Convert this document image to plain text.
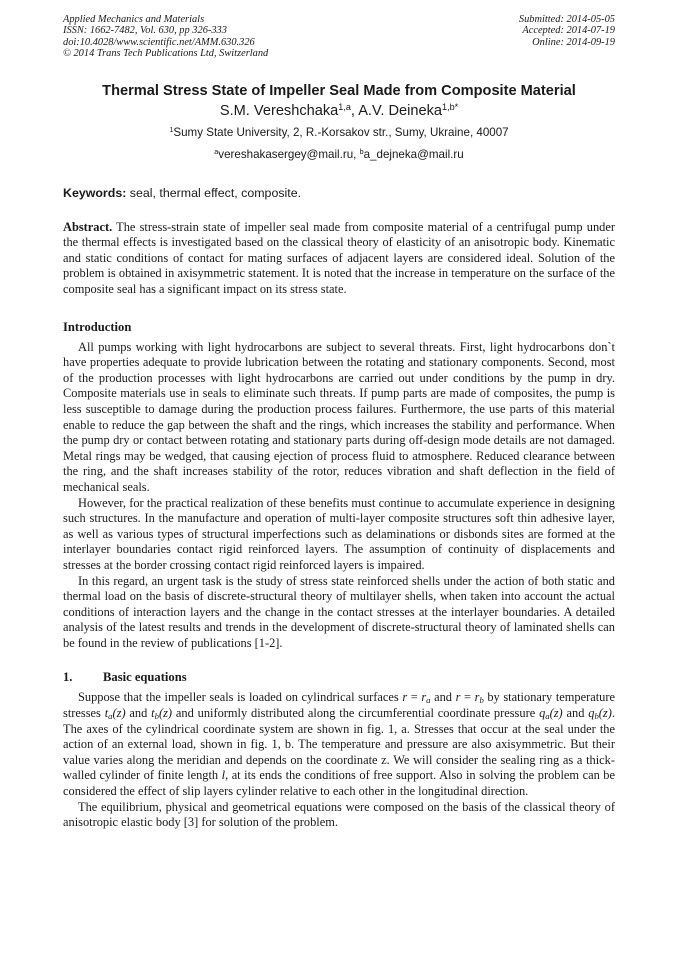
Applied Mechanics and Materials
ISSN: 1662-7482, Vol. 630, pp 326-333
doi:10.4028/www.scientific.net/AMM.630.326
© 2014 Trans Tech Publications Ltd, Switzerland
Submitted: 2014-05-05
Accepted: 2014-07-19
Online: 2014-09-19
Thermal Stress State of Impeller Seal Made from Composite Material
S.M. Vereshchaka$^{1,a}$, A.V. Deineka$^{1,b*}$
$^1$Sumy State University, 2, R.-Korsakov str., Sumy, Ukraine, 40007
$^a$vereshakasergey@mail.ru, $^b$a_dejneka@mail.ru
Keywords: seal, thermal effect, composite.

Abstract. The stress-strain state of impeller seal made from composite material of a centrifugal pump under the thermal effects is investigated based on the classical theory of elasticity of an anisotropic body. Kinematic and static conditions of contact for mating surfaces of adjacent layers are considered ideal. Solution of the problem is obtained in axisymmetric statement. It is noted that the increase in temperature on the surface of the composite seal has a significant impact on its stress state.

Introduction

All pumps working with light hydrocarbons are subject to several threats. First, light hydrocarbons don`t have properties adequate to provide lubrication between the rotating and stationary components. Second, most of the production processes with light hydrocarbons are carried out under conditions by the pump in dry. Composite materials use in seals to eliminate such threats. If pump parts are made of composites, the pump is less susceptible to damage during the production process failures. Furthermore, the use parts of this material enable to reduce the gap between the shaft and the rings, which increases the stability and performance. When the pump dry or contact between rotating and stationary parts during off-design mode details are not damaged. Metal rings may be wedged, that causing ejection of process fluid to atmosphere. Reduced clearance between the ring, and the shaft increases stability of the rotor, reduces vibration and shaft deflection in the field of mechanical seals.

However, for the practical realization of these benefits must continue to accumulate experience in designing such structures. In the manufacture and operation of multi-layer composite structures soft thin adhesive layer, as well as various types of structural imperfections such as delaminations or disbonds sites are formed at the interlayer boundaries contact rigid reinforced layers. The assumption of continuity of displacements and stresses at the border crossing contact rigid reinforced layers is impaired.

In this regard, an urgent task is the study of stress state reinforced shells under the action of both static and thermal load on the basis of discrete-structural theory of multilayer shells, when taken into account the actual conditions of interaction layers and the change in the contact stresses at the interlayer boundaries. A detailed analysis of the latest results and trends in the development of discrete-structural theory of laminated shells can be found in the review of publications [1-2].

1. Basic equations

Suppose that the impeller seals is loaded on cylindrical surfaces $r = r_a$ and $r = r_b$ by stationary temperature stresses $t_a(z)$ and $t_b(z)$ and uniformly distributed along the circumferential coordinate pressure $q_a(z)$ and $q_b(z)$. The axes of the cylindrical coordinate system are shown in fig. 1, a. Stresses that occur at the seal under the action of an external load, shown in fig. 1, b. The temperature and pressure are also axisymmetric. But their value varies along the meridian and depends on the coordinate z. We will consider the sealing ring as a thick-walled cylinder of finite length l, at its ends the conditions of free support. Also in solving the problem can be considered the effect of slip layers cylinder relative to each other in the longitudinal direction.

The equilibrium, physical and geometrical equations were composed on the basis of the classical theory of anisotropic elastic body [3] for solution of the problem.
